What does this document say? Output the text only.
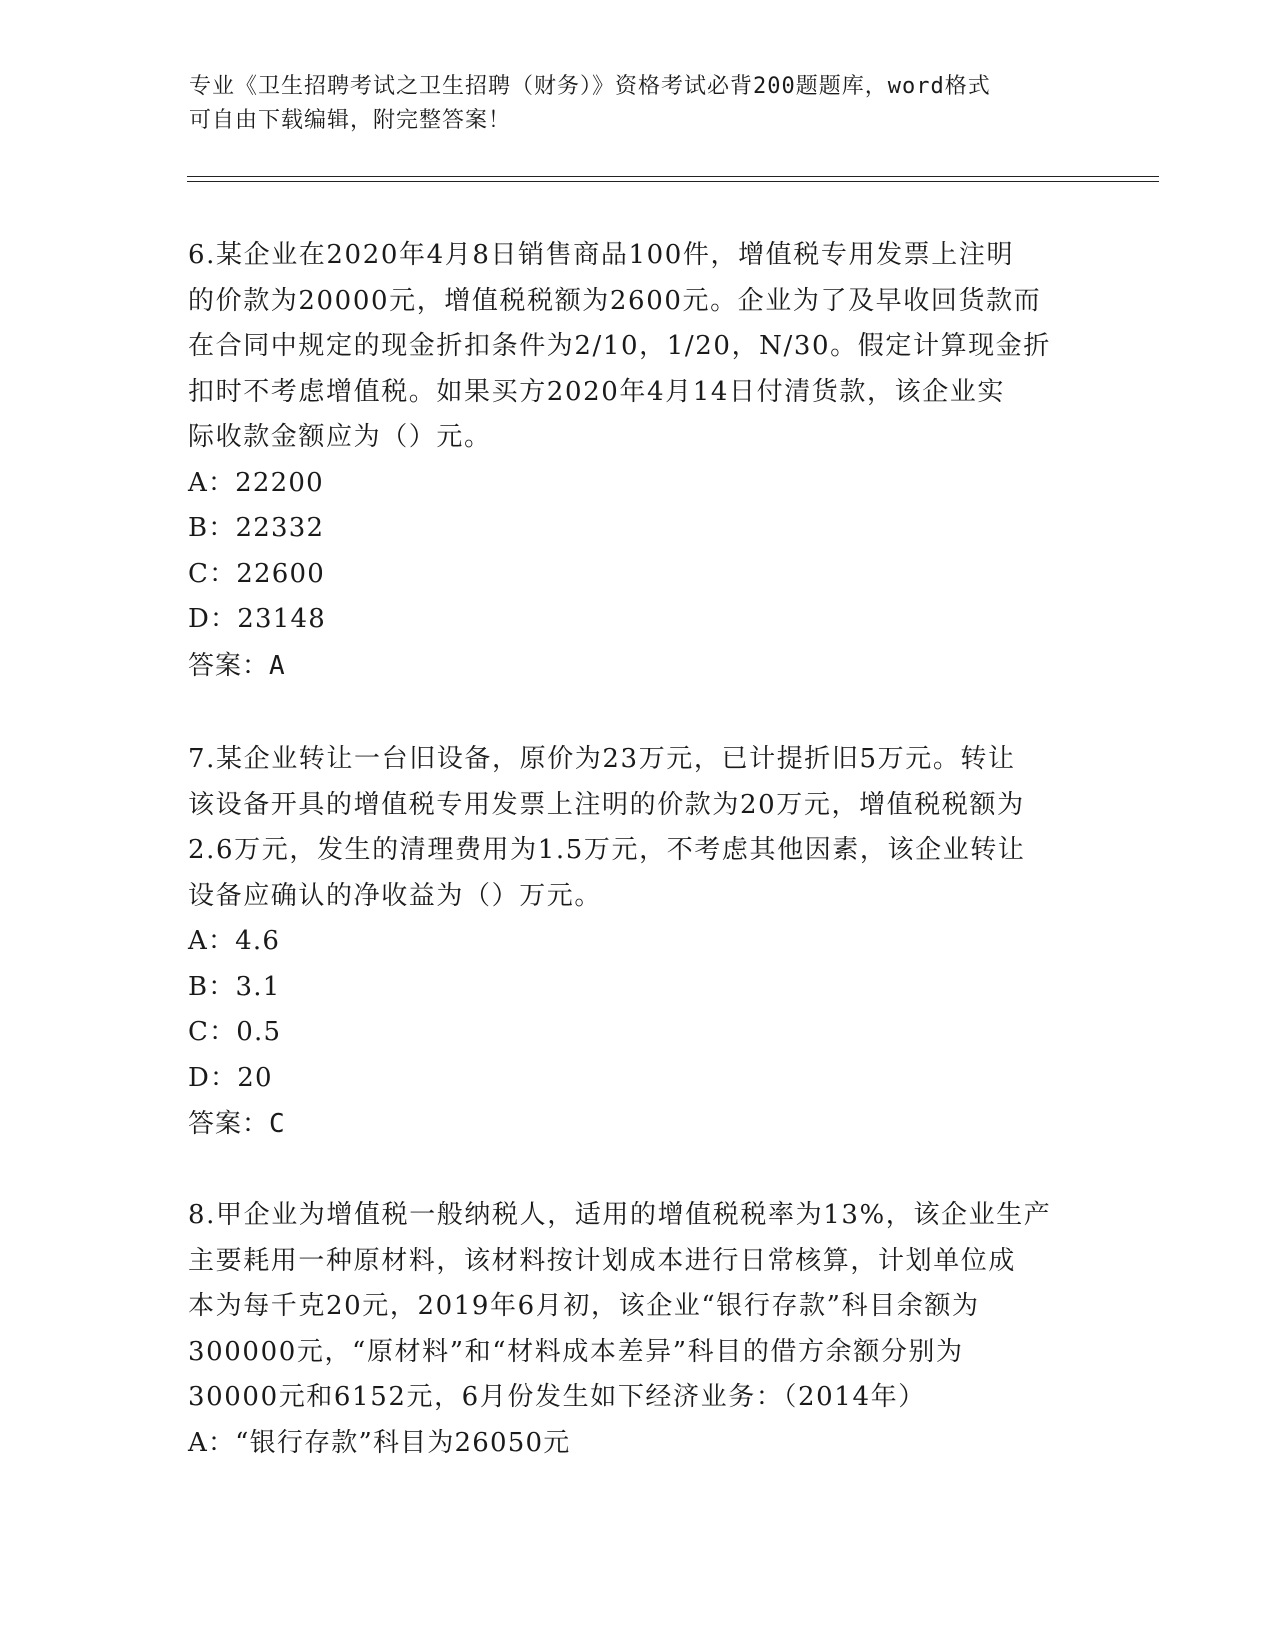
专业《卫生招聘考试之卫生招聘（财务）》资格考试必背200题题库，word格式

可自由下载编辑，附完整答案！

6.某企业在2020年4月8日销售商品100件，增值税专用发票上注明

的价款为20000元，增值税税额为2600元。企业为了及早收回货款而

在合同中规定的现金折扣条件为2/10，1/20，N/30。假定计算现金折

扣时不考虑增值税。如果买方2020年4月14日付清货款，该企业实

际收款金额应为（）元。

A：22200

B：22332

C：22600

D：23148

答案：A

7.某企业转让一台旧设备，原价为23万元，已计提折旧5万元。转让

该设备开具的增值税专用发票上注明的价款为20万元，增值税税额为

2.6万元，发生的清理费用为1.5万元，不考虑其他因素，该企业转让

设备应确认的净收益为（）万元。

A：4.6

B：3.1

C：0.5

D：20

答案：C

8.甲企业为增值税一般纳税人，适用的增值税税率为13%，该企业生产

主要耗用一种原材料，该材料按计划成本进行日常核算，计划单位成

本为每千克20元，2019年6月初，该企业“银行存款”科目余额为

300000元，“原材料”和“材料成本差异”科目的借方余额分别为

30000元和6152元，6月份发生如下经济业务：（2014年）

A：“银行存款”科目为26050元
